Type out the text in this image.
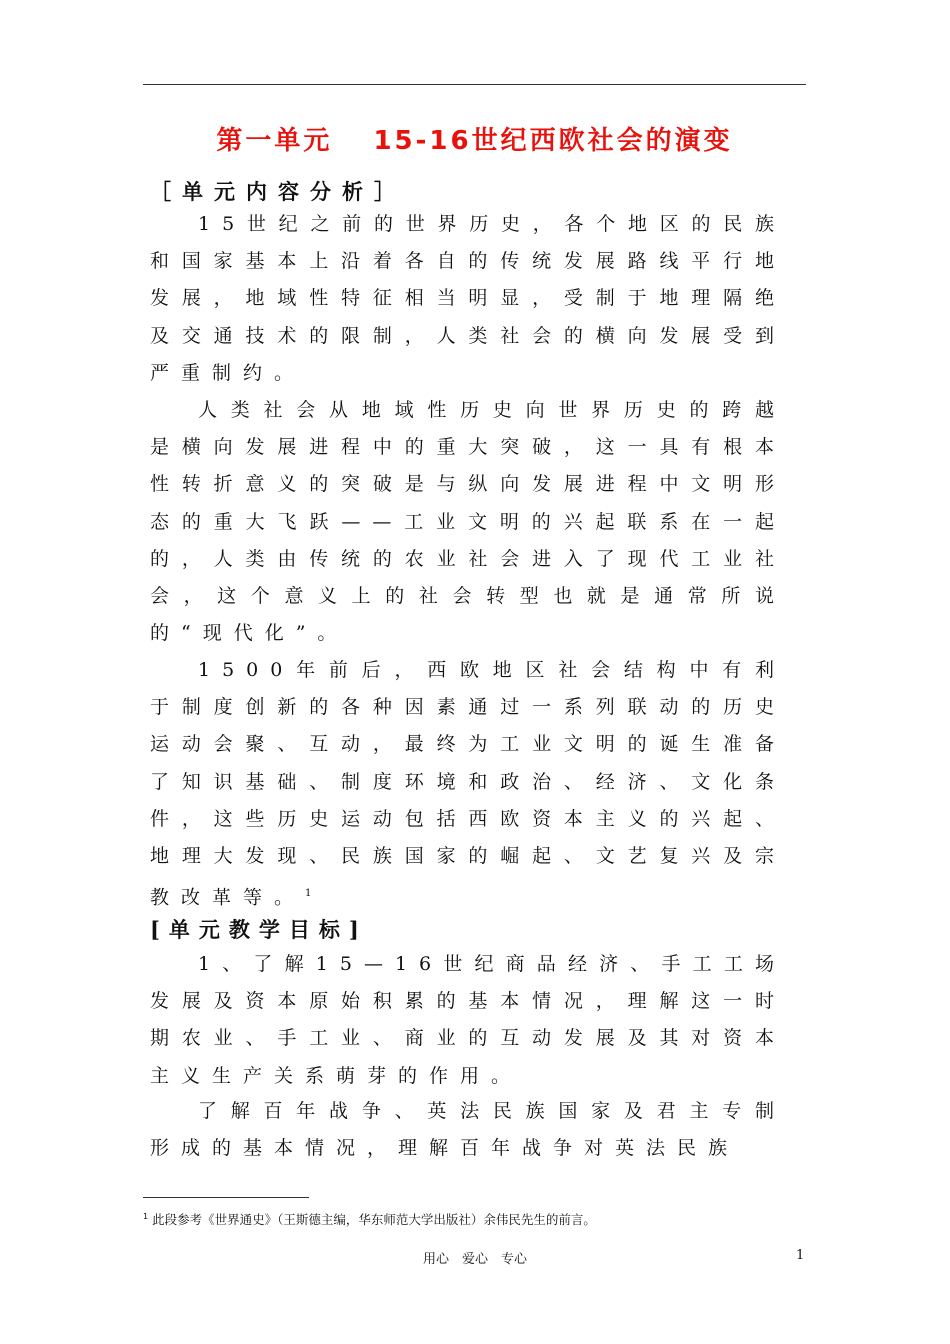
第一单元　 15-16世纪西欧社会的演变
［单元内容分析］

15世纪之前的世界历史，各个地区的民族和国家基本上沿着各自的传统发展路线平行地发展，地域性特征相当明显，受制于地理隔绝及交通技术的限制，人类社会的横向发展受到严重制约。

人类社会从地域性历史向世界历史的跨越是横向发展进程中的重大突破，这一具有根本性转折意义的突破是与纵向发展进程中文明形态的重大飞跃——工业文明的兴起联系在一起的，人类由传统的农业社会进入了现代工业社会，这个意义上的社会转型也就是通常所说的“现代化”。

1500年前后，西欧地区社会结构中有利于制度创新的各种因素通过一系列联动的历史运动会聚、互动，最终为工业文明的诞生准备了知识基础、制度环境和政治、经济、文化条件，这些历史运动包括西欧资本主义的兴起、地理大发现、民族国家的崛起、文艺复兴及宗教改革等。$^1$

[单元教学目标]

1、了解15—16世纪商品经济、手工工场发展及资本原始积累的基本情况，理解这一时期农业、手工业、商业的互动发展及其对资本主义生产关系萌芽的作用。

了解百年战争、英法民族国家及君主专制形成的基本情况，理解百年战争对英法民族

$^1$ 此段参考《世界通史》（王斯德主编，华东师范大学出版社）余伟民先生的前言。
用心　爱心　专心	1
